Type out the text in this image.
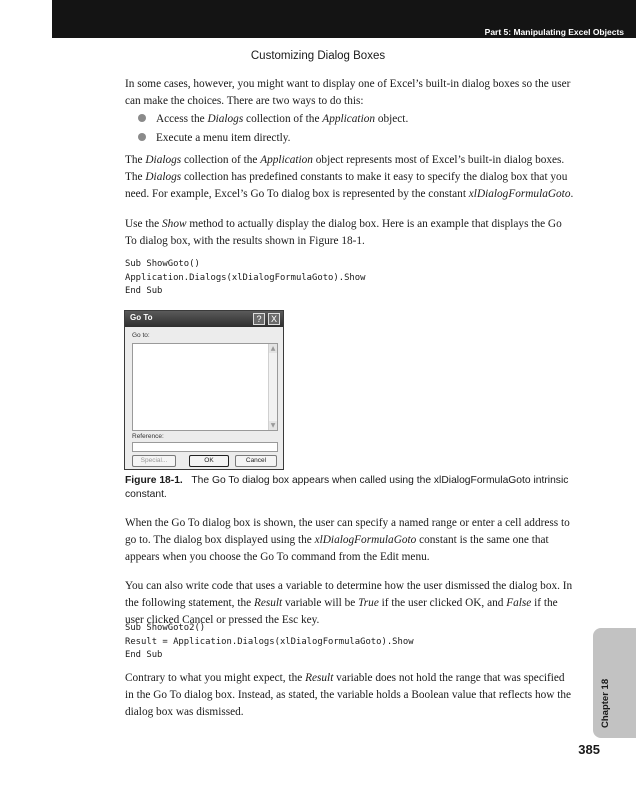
Part 5: Manipulating Excel Objects
Customizing Dialog Boxes

In some cases, however, you might want to display one of Excel’s built-in dialog boxes so the user can make the choices. There are two ways to do this:

Access the Dialogs collection of the Application object.
Execute a menu item directly.

The Dialogs collection of the Application object represents most of Excel’s built-in dialog boxes. The Dialogs collection has predefined constants to make it easy to specify the dialog box that you need. For example, Excel’s Go To dialog box is represented by the constant xlDialogFormulaGoto.

Use the Show method to actually display the dialog box. Here is an example that displays the Go To dialog box, with the results shown in Figure 18-1.

Sub ShowGoto()
Application.Dialogs(xlDialogFormulaGoto).Show
End Sub
Go To	?	X
Go to:
▲
▼
Reference:
Special...	OK	Cancel

Figure 18-1. The Go To dialog box appears when called using the xlDialogFormulaGoto intrinsic constant.

When the Go To dialog box is shown, the user can specify a named range or enter a cell address to go to. The dialog box displayed using the xlDialogFormulaGoto constant is the same one that appears when you choose the Go To command from the Edit menu.

You can also write code that uses a variable to determine how the user dismissed the dialog box. In the following statement, the Result variable will be True if the user clicked OK, and False if the user clicked Cancel or pressed the Esc key.

Sub ShowGoto2()
Result = Application.Dialogs(xlDialogFormulaGoto).Show
End Sub

Contrary to what you might expect, the Result variable does not hold the range that was specified in the Go To dialog box. Instead, as stated, the variable holds a Boolean value that reflects how the dialog box was dismissed.	Chapter 18
385
